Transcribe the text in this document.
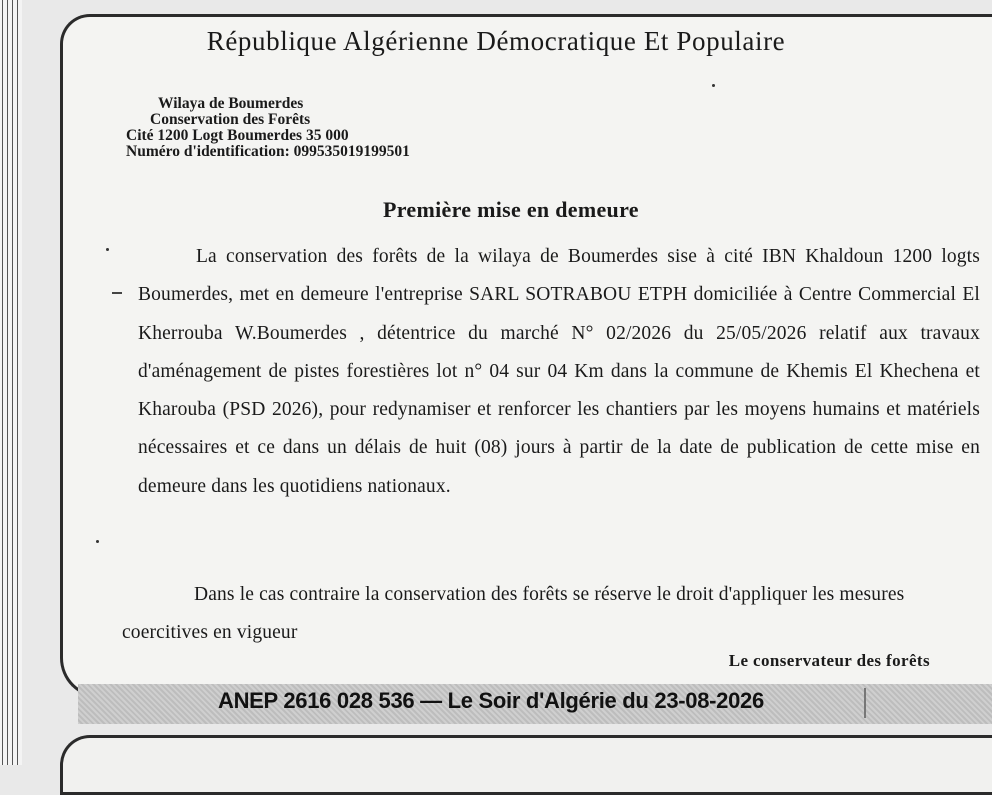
République Algérienne Démocratique Et Populaire
Wilaya de Boumerdes
Conservation des Forêts
Cité 1200 Logt Boumerdes 35 000
Numéro d'identification: 099535019199501
Première mise en demeure
La conservation des forêts de la wilaya de Boumerdes sise à cité IBN Khaldoun 1200 logts Boumerdes, met en demeure l'entreprise SARL SOTRABOU ETPH domiciliée à Centre Commercial El Kherrouba W.Boumerdes , détentrice du marché N° 02/2026 du 25/05/2026 relatif aux travaux d'aménagement de pistes forestières lot n° 04 sur 04 Km dans la commune de Khemis El Khechena et Kharouba (PSD 2026), pour redynamiser et renforcer les chantiers par les moyens humains et matériels nécessaires et ce dans un délais de huit (08) jours à partir de la date de publication de cette mise en demeure dans les quotidiens nationaux.
Dans le cas contraire la conservation des forêts se réserve le droit d'appliquer les mesures coercitives en vigueur
Le conservateur des forêts
ANEP 2616 028 536 — Le Soir d'Algérie du 23-08-2026
